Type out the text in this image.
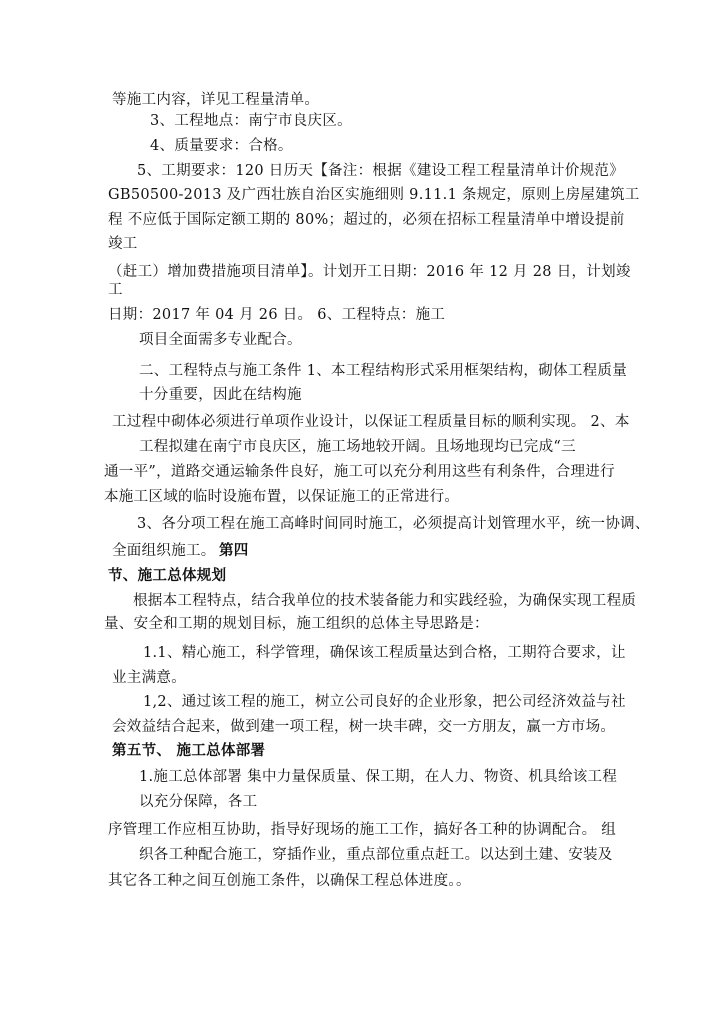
等施工内容，详见工程量清单。
3、工程地点：南宁市良庆区。
4、质量要求：合格。
5、工期要求：120 日历天【备注：根据《建设工程工程量清单计价规范》
GB50500-2013 及广西壮族自治区实施细则 9.11.1 条规定，原则上房屋建筑工
程 不应低于国际定额工期的 80%；超过的，必须在招标工程量清单中增设提前
竣工
（赶工）增加费措施项目清单】。计划开工日期：2016 年 12 月 28 日，计划竣
工
日期：2017 年 04 月 26 日。 6、工程特点：施工
项目全面需多专业配合。
二、工程特点与施工条件 1、本工程结构形式采用框架结构，砌体工程质量
十分重要，因此在结构施
工过程中砌体必须进行单项作业设计，以保证工程质量目标的顺利实现。 2、本
工程拟建在南宁市良庆区，施工场地较开阔。且场地现均已完成“三
通一平”，道路交通运输条件良好，施工可以充分利用这些有利条件，合理进行
本施工区域的临时设施布置，以保证施工的正常进行。
3、各分项工程在施工高峰时间同时施工，必须提高计划管理水平，统一协调、
全面组织施工。 第四
节、施工总体规划
根据本工程特点，结合我单位的技术装备能力和实践经验，为确保实现工程质
量、安全和工期的规划目标，施工组织的总体主导思路是：
1.1、精心施工，科学管理，确保该工程质量达到合格，工期符合要求，让
业主满意。
1,2、通过该工程的施工，树立公司良好的企业形象，把公司经济效益与社
会效益结合起来，做到建一项工程，树一块丰碑，交一方朋友，赢一方市场。
第五节、 施工总体部署
1.施工总体部署 集中力量保质量、保工期，在人力、物资、机具给该工程
以充分保障，各工
序管理工作应相互协助，指导好现场的施工工作，搞好各工种的协调配合。 组
织各工种配合施工，穿插作业，重点部位重点赶工。以达到土建、安装及
其它各工种之间互创施工条件，以确保工程总体进度。。
